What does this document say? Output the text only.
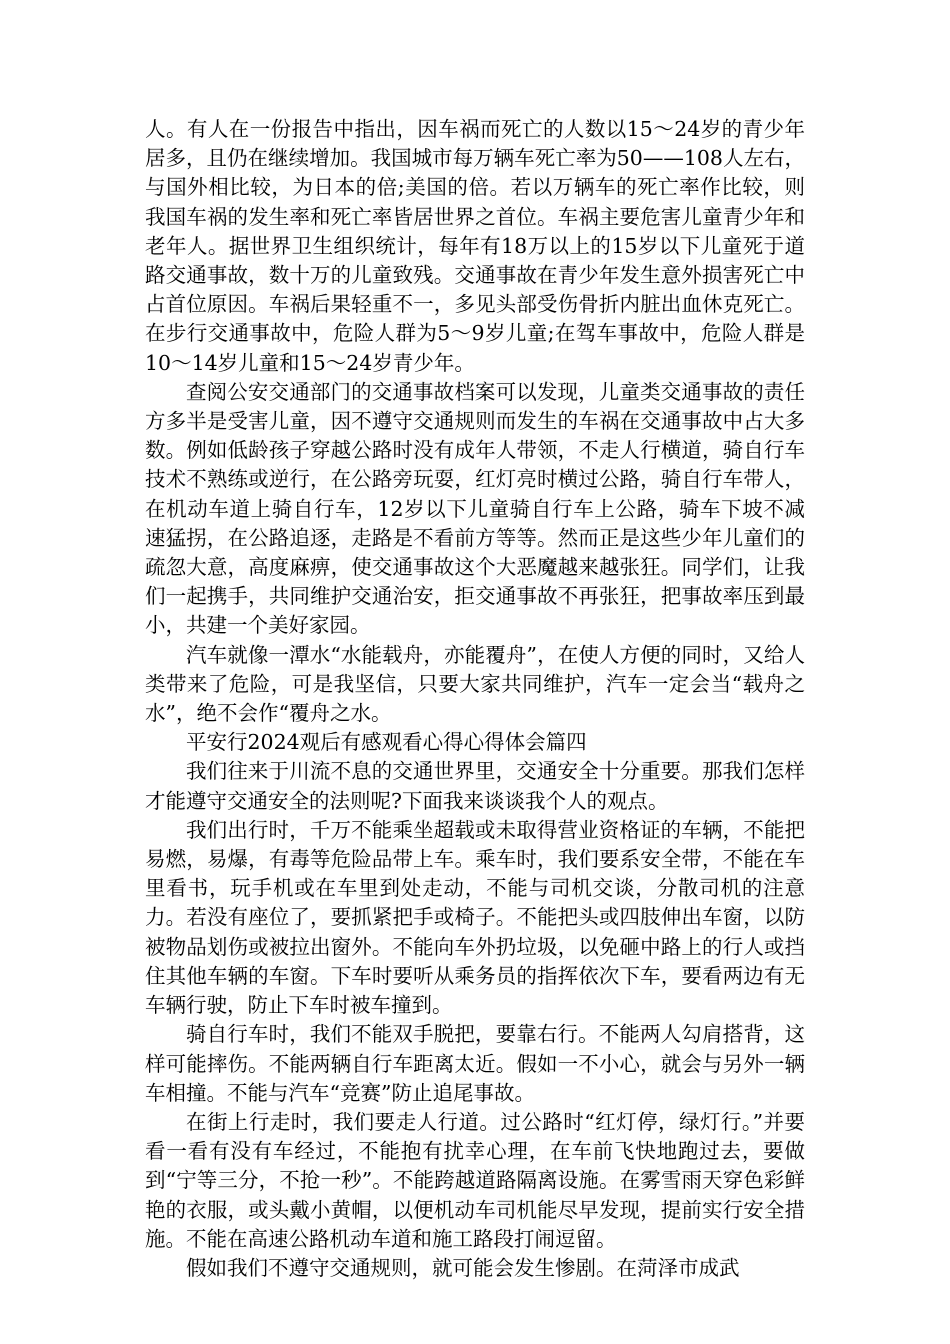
人。有人在一份报告中指出，因车祸而死亡的人数以15～24岁的青少年居多，且仍在继续增加。我国城市每万辆车死亡率为50——108人左右，与国外相比较，为日本的倍;美国的倍。若以万辆车的死亡率作比较，则我国车祸的发生率和死亡率皆居世界之首位。车祸主要危害儿童青少年和老年人。据世界卫生组织统计，每年有18万以上的15岁以下儿童死于道路交通事故，数十万的儿童致残。交通事故在青少年发生意外损害死亡中占首位原因。车祸后果轻重不一，多见头部受伤骨折内脏出血休克死亡。在步行交通事故中，危险人群为5～9岁儿童;在驾车事故中，危险人群是10～14岁儿童和15～24岁青少年。

查阅公安交通部门的交通事故档案可以发现，儿童类交通事故的责任方多半是受害儿童，因不遵守交通规则而发生的车祸在交通事故中占大多数。例如低龄孩子穿越公路时没有成年人带领，不走人行横道，骑自行车技术不熟练或逆行，在公路旁玩耍，红灯亮时横过公路，骑自行车带人，在机动车道上骑自行车，12岁以下儿童骑自行车上公路，骑车下坡不减速猛拐，在公路追逐，走路是不看前方等等。然而正是这些少年儿童们的疏忽大意，高度麻痹，使交通事故这个大恶魔越来越张狂。同学们，让我们一起携手，共同维护交通治安，拒交通事故不再张狂，把事故率压到最小，共建一个美好家园。

汽车就像一潭水“水能载舟，亦能覆舟”，在使人方便的同时，又给人类带来了危险，可是我坚信，只要大家共同维护，汽车一定会当“载舟之水”，绝不会作“覆舟之水。

平安行2024观后有感观看心得心得体会篇四

我们往来于川流不息的交通世界里，交通安全十分重要。那我们怎样才能遵守交通安全的法则呢?下面我来谈谈我个人的观点。

我们出行时，千万不能乘坐超载或未取得营业资格证的车辆，不能把易燃，易爆，有毒等危险品带上车。乘车时，我们要系安全带，不能在车里看书，玩手机或在车里到处走动，不能与司机交谈，分散司机的注意力。若没有座位了，要抓紧把手或椅子。不能把头或四肢伸出车窗，以防被物品划伤或被拉出窗外。不能向车外扔垃圾，以免砸中路上的行人或挡住其他车辆的车窗。下车时要听从乘务员的指挥依次下车，要看两边有无车辆行驶，防止下车时被车撞到。

骑自行车时，我们不能双手脱把，要靠右行。不能两人勾肩搭背，这样可能摔伤。不能两辆自行车距离太近。假如一不小心，就会与另外一辆车相撞。不能与汽车“竞赛”防止追尾事故。

在街上行走时，我们要走人行道。过公路时“红灯停，绿灯行。”并要看一看有没有车经过，不能抱有扰幸心理，在车前飞快地跑过去，要做到“宁等三分，不抢一秒”。不能跨越道路隔离设施。在雾雪雨天穿色彩鲜艳的衣服，或头戴小黄帽，以便机动车司机能尽早发现，提前实行安全措施。不能在高速公路机动车道和施工路段打闹逗留。

假如我们不遵守交通规则，就可能会发生惨剧。在菏泽市成武
